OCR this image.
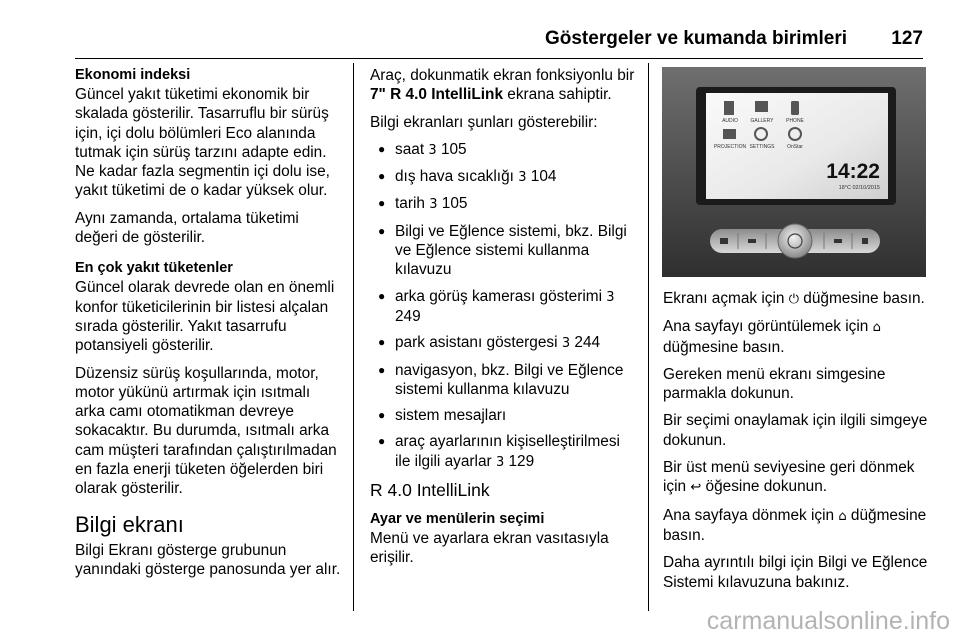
Göstergeler ve kumanda birimleri 127
Ekonomi indeksi

Güncel yakıt tüketimi ekonomik bir skalada gösterilir. Tasarruflu bir sürüş için, içi dolu bölümleri Eco alanında tutmak için sürüş tarzını adapte edin. Ne kadar fazla segmentin içi dolu ise, yakıt tüketimi de o kadar yüksek olur.

Aynı zamanda, ortalama tüketimi değeri de gösterilir.

En çok yakıt tüketenler

Güncel olarak devrede olan en önemli konfor tüketicilerinin bir listesi alçalan sırada gösterilir. Yakıt tasarrufu potansiyeli gösterilir.

Düzensiz sürüş koşullarında, motor, motor yükünü artırmak için ısıtmalı arka camı otomatikman devreye sokacaktır. Bu durumda, ısıtmalı arka cam müşteri tarafından çalıştırılmadan en fazla enerji tüketen öğelerden biri olarak gösterilir.

Bilgi ekranı

Bilgi Ekranı gösterge grubunun yanındaki gösterge panosunda yer alır.

Araç, dokunmatik ekran fonksiyonlu bir 7" R 4.0 IntelliLink ekrana sahiptir.

Bilgi ekranları şunları gösterebilir:

● saat 3 105
● dış hava sıcaklığı 3 104
● tarih 3 105
● Bilgi ve Eğlence sistemi, bkz. Bilgi ve Eğlence sistemi kullanma kılavuzu
● arka görüş kamerası gösterimi 3 249
● park asistanı göstergesi 3 244
● navigasyon, bkz. Bilgi ve Eğlence sistemi kullanma kılavuzu
● sistem mesajları
● araç ayarlarının kişiselleştirilmesi ile ilgili ayarlar 3 129
R 4.0 IntelliLink
Ayar ve menülerin seçimi

Menü ve ayarlara ekran vasıtasıyla erişilir.

AUDIO	GALLERY	PHONE
PROJECTION SETTINGS	OnStar
14:22
18°C 02/10/2015

Ekranı açmak için ⏻ düğmesine basın.

Ana sayfayı görüntülemek için ⌂ düğmesine basın.

Gereken menü ekranı simgesine parmakla dokunun.

Bir seçimi onaylamak için ilgili simgeye dokunun.

Bir üst menü seviyesine geri dönmek için ↩ öğesine dokunun.

Ana sayfaya dönmek için ⌂ düğmesine basın.

Daha ayrıntılı bilgi için Bilgi ve Eğlence Sistemi kılavuzuna bakınız.

carmanualsonline.info
